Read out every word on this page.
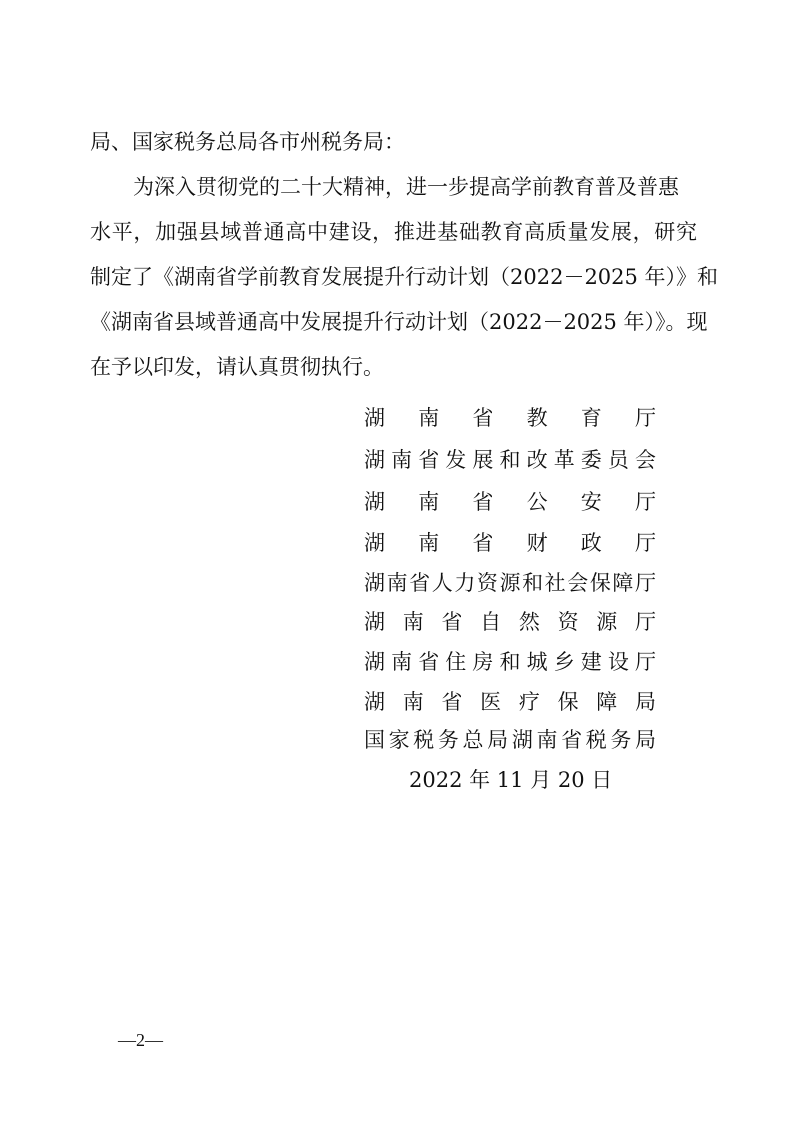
局、国家税务总局各市州税务局：
为深入贯彻党的二十大精神，进一步提高学前教育普及普惠
水平，加强县域普通高中建设，推进基础教育高质量发展，研究
制定了《湖南省学前教育发展提升行动计划（2022－2025 年）》和
《湖南省县域普通高中发展提升行动计划（2022－2025 年）》。现
在予以印发，请认真贯彻执行。
湖南省教育厅
湖南省发展和改革委员会
湖南省公安厅
湖南省财政厅
湖南省人力资源和社会保障厅
湖南省自然资源厅
湖南省住房和城乡建设厅
湖南省医疗保障局
国家税务总局湖南省税务局
2022 年 11 月 20 日
—2—
